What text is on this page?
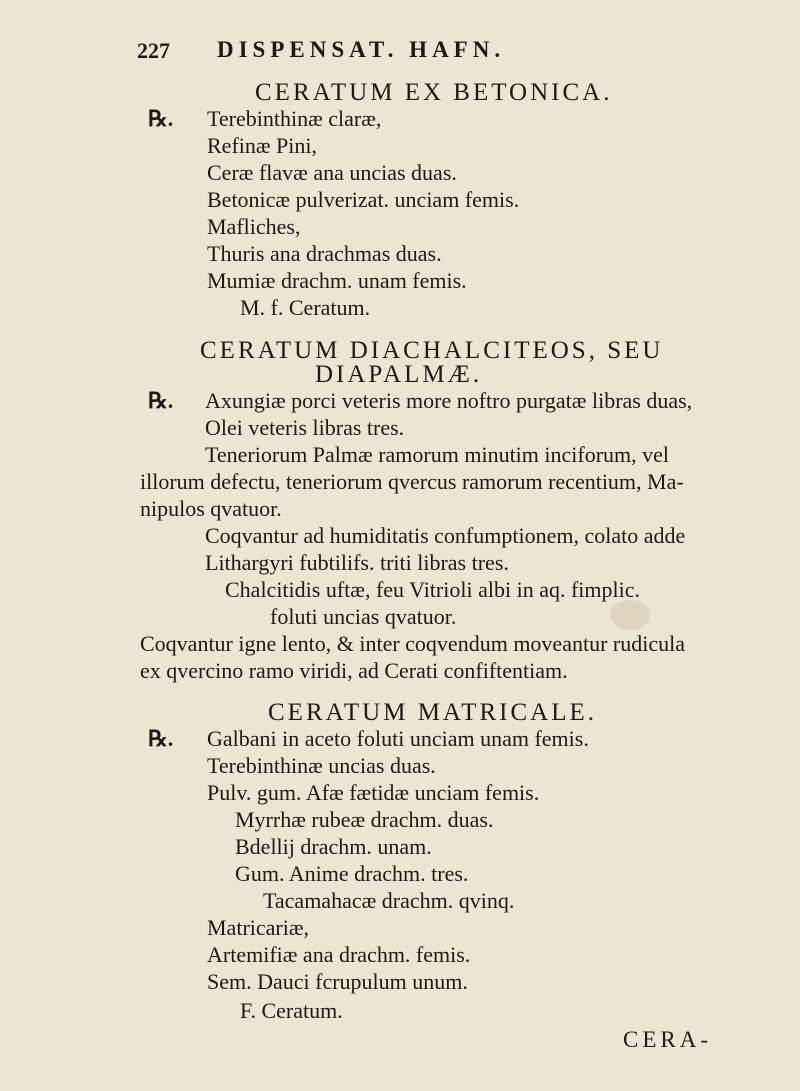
227 DISPENSAT. HAFN.
CERATUM EX BETONICA.
℞. Terebinthinæ claræ,
Refinæ Pini,
Ceræ flavæ ana uncias duas.
Betonicæ pulverizat. unciam femis.
Mafliches,
Thuris ana drachmas duas.
Mumiæ drachm. unam femis.
M. f. Ceratum.
CERATUM DIACHALCITEOS, SEU
DIAPALMÆ.
℞. Axungiæ porci veteris more noftro purgatæ libras duas,
Olei veteris libras tres.
Teneriorum Palmæ ramorum minutim inciforum, vel
illorum defectu, teneriorum qvercus ramorum recentium, Ma-
nipulos qvatuor.
Coqvantur ad humiditatis confumptionem, colato adde
Lithargyri fubtilifs. triti libras tres.
Chalcitidis uftæ, feu Vitrioli albi in aq. fimplic.
foluti uncias qvatuor.
Coqvantur igne lento, & inter coqvendum moveantur rudicula
ex qvercino ramo viridi, ad Cerati confiftentiam.
CERATUM MATRICALE.
℞. Galbani in aceto foluti unciam unam femis.
Terebinthinæ uncias duas.
Pulv. gum. Afæ fætidæ unciam femis.
Myrrhæ rubeæ drachm. duas.
Bdellij drachm. unam.
Gum. Anime drachm. tres.
Tacamahacæ drachm. qvinq.
Matricariæ,
Artemifiæ ana drachm. femis.
Sem. Dauci fcrupulum unum.
F. Ceratum.
CERA-
